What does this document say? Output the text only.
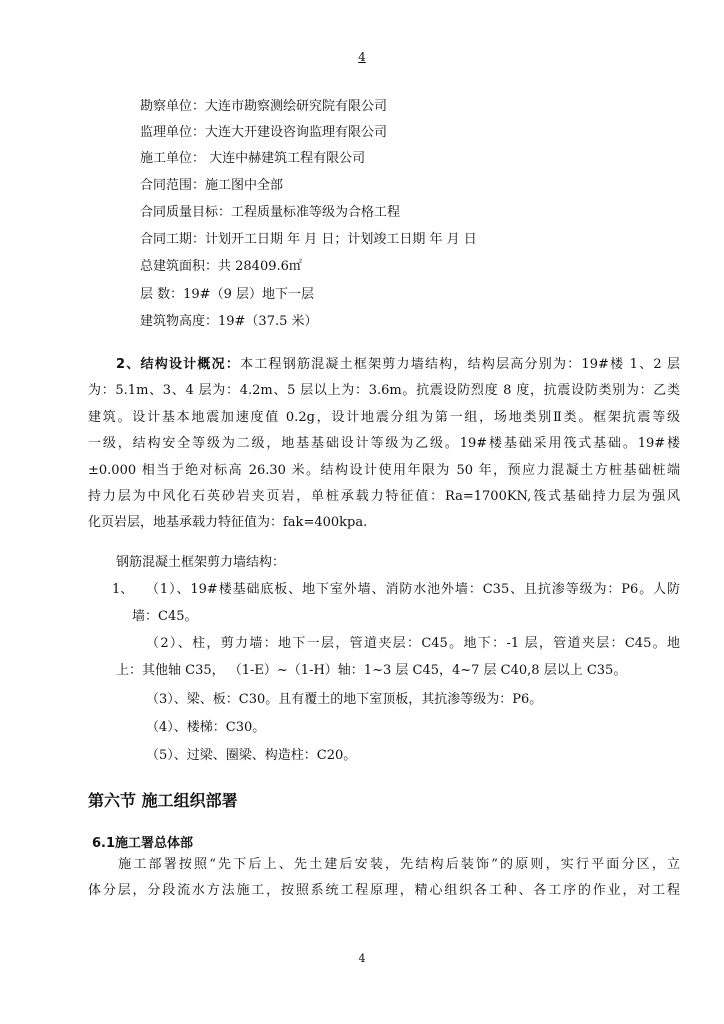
4
勘察单位：大连市勘察测绘研究院有限公司
监理单位：大连大开建设咨询监理有限公司
施工单位： 大连中赫建筑工程有限公司
合同范围：施工图中全部
合同质量目标：工程质量标准等级为合格工程
合同工期：计划开工日期 年 月 日；计划竣工日期 年 月 日
总建筑面积：共 28409.6㎡
层 数：19#（9 层）地下一层
建筑物高度：19#（37.5 米）
2、结构设计概况：本工程钢筋混凝土框架剪力墙结构，结构层高分别为：19#楼 1、2 层
为：5.1m、3、4 层为：4.2m、5 层以上为：3.6m。抗震设防烈度 8 度，抗震设防类别为：乙类
建筑。设计基本地震加速度值 0.2g，设计地震分组为第一组，场地类别Ⅱ类。框架抗震等级
一级，结构安全等级为二级，地基基础设计等级为乙级。19#楼基础采用筏式基础。19#楼
±0.000 相当于绝对标高 26.30 米。结构设计使用年限为 50 年，预应力混凝土方桩基础桩端
持力层为中风化石英砂岩夹页岩，单桩承载力特征值：Ra=1700KN,筏式基础持力层为强风
化页岩层，地基承载力特征值为：fak=400kpa.
钢筋混凝土框架剪力墙结构：
1、 （1）、19#楼基础底板、地下室外墙、消防水池外墙：C35、且抗渗等级为：P6。人防
墙：C45。
（2）、柱，剪力墙：地下一层，管道夹层：C45。地下：-1 层，管道夹层：C45。地
上：其他轴 C35， （1-E）~（1-H）轴：1~3 层 C45，4~7 层 C40,8 层以上 C35。
（3）、梁、板：C30。且有覆土的地下室顶板，其抗渗等级为：P6。
（4）、楼梯：C30。
（5）、过梁、圈梁、构造柱：C20。
第六节 施工组织部署
6.1施工署总体部
施工部署按照“先下后上、先土建后安装，先结构后装饰”的原则，实行平面分区，立
体分层，分段流水方法施工，按照系统工程原理，精心组织各工种、各工序的作业，对工程
4
